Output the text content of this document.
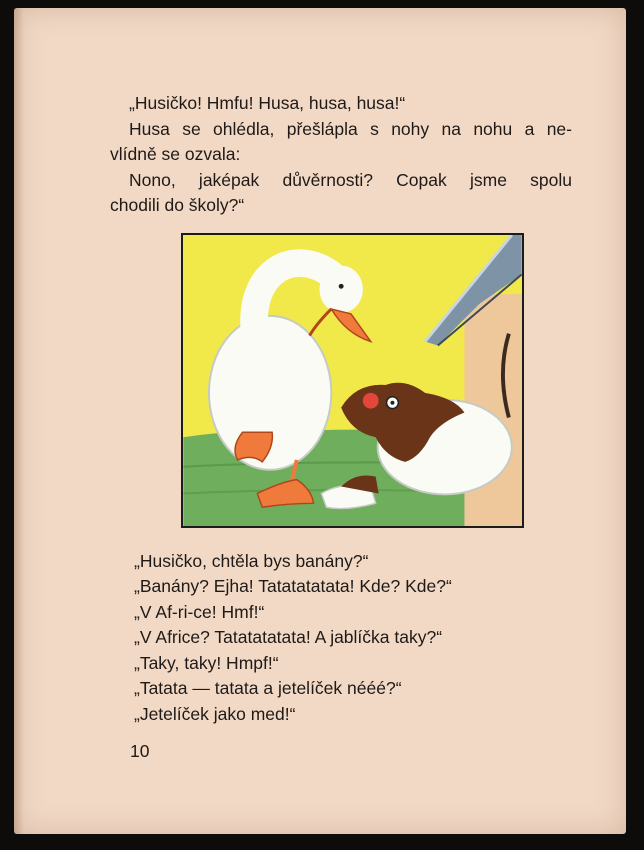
„Husičko! Hmfu! Husa, husa, husa!“

Husa se ohlédla, přešlápla s nohy na nohu a ne-

vlídně se ozvala:

Nono, jaképak důvěrnosti? Copak jsme spolu

chodili do školy?“

„Husičko, chtěla bys banány?“

„Banány? Ejha! Tatatatatata! Kde? Kde?“

„V Af-ri-ce! Hmf!“

„V Africe? Tatatatatata! A jablíčka taky?“

„Taky, taky! Hmpf!“

„Tatata — tatata a jetelíček nééé?“

„Jetelíček jako med!“

10
